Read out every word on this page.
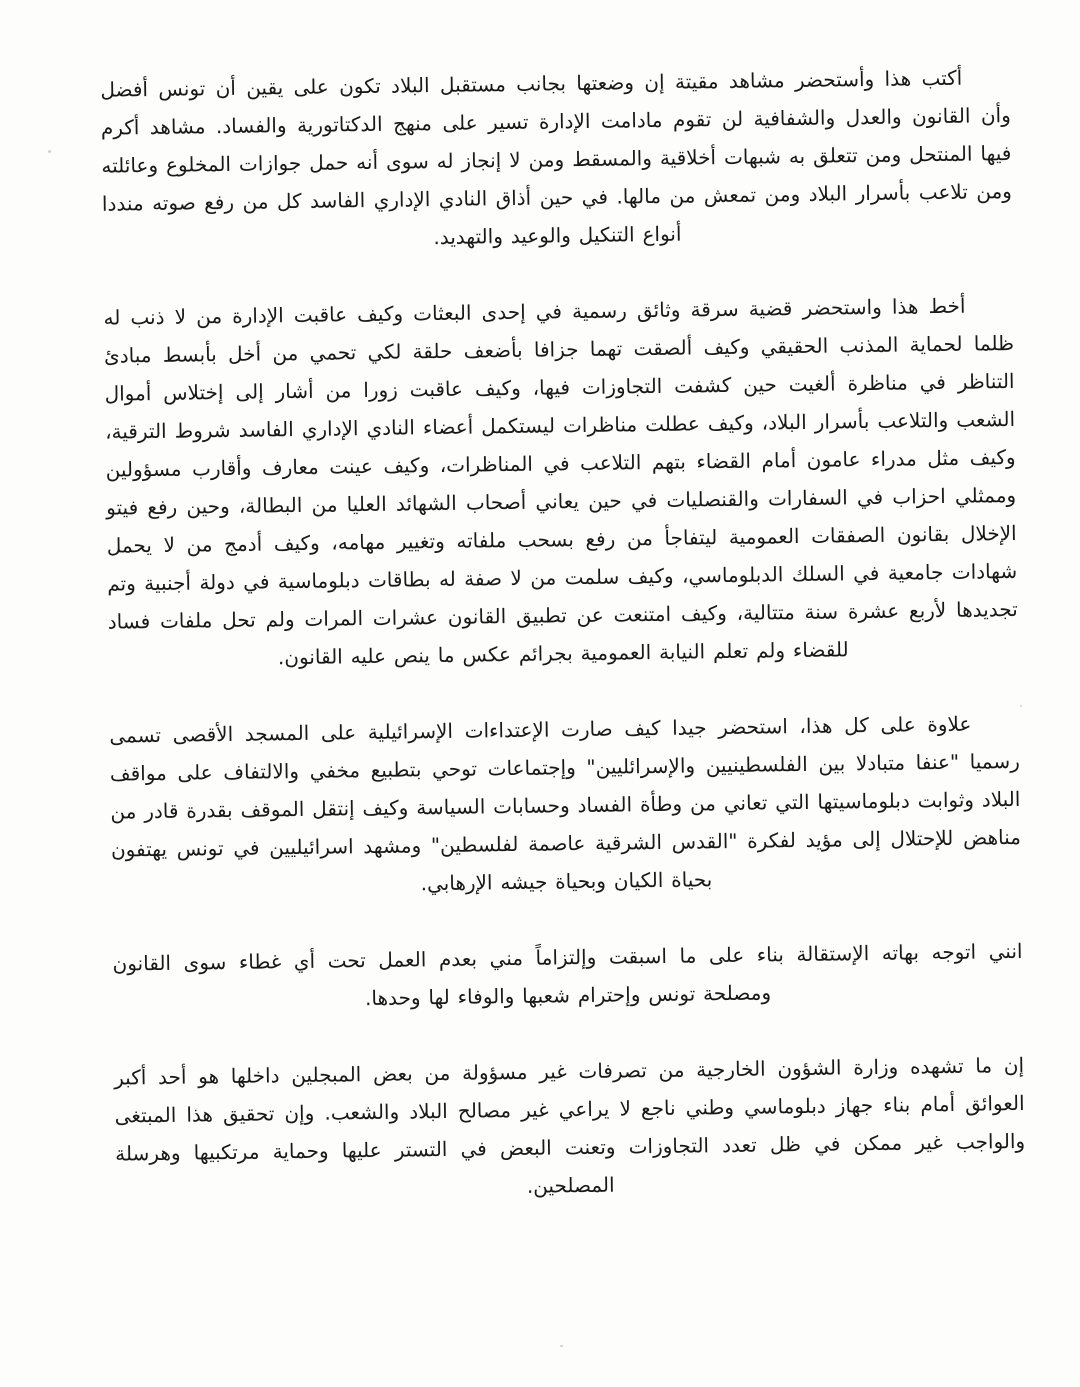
أكتب هذا وأستحضر مشاهد مقيتة إن وضعتها بجانب مستقبل البلاد تكون على يقين أن تونس أفضل وأن القانون والعدل والشفافية لن تقوم مادامت الإدارة تسير على منهج الدكتاتورية والفساد. مشاهد أكرم فيها المنتحل ومن تتعلق به شبهات أخلاقية والمسقط ومن لا إنجاز له سوى أنه حمل جوازات المخلوع وعائلته ومن تلاعب بأسرار البلاد ومن تمعش من مالها. في حين أذاق النادي الإداري الفاسد كل من رفع صوته منددا أنواع التنكيل والوعيد والتهديد.

أخط هذا واستحضر قضية سرقة وثائق رسمية في إحدى البعثات وكيف عاقبت الإدارة من لا ذنب له ظلما لحماية المذنب الحقيقي وكيف ألصقت تهما جزافا بأضعف حلقة لكي تحمي من أخل بأبسط مبادئ التناظر في مناظرة ألغيت حين كشفت التجاوزات فيها، وكيف عاقبت زورا من أشار إلى إختلاس أموال الشعب والتلاعب بأسرار البلاد، وكيف عطلت مناظرات ليستكمل أعضاء النادي الإداري الفاسد شروط الترقية، وكيف مثل مدراء عامون أمام القضاء بتهم التلاعب في المناظرات، وكيف عينت معارف وأقارب مسؤولين وممثلي احزاب في السفارات والقنصليات في حين يعاني أصحاب الشهائد العليا من البطالة، وحين رفع فيتو الإخلال بقانون الصفقات العمومية ليتفاجأ من رفع بسحب ملفاته وتغيير مهامه، وكيف أدمج من لا يحمل شهادات جامعية في السلك الدبلوماسي، وكيف سلمت من لا صفة له بطاقات دبلوماسية في دولة أجنبية وتم تجديدها لأربع عشرة سنة متتالية، وكيف امتنعت عن تطبيق القانون عشرات المرات ولم تحل ملفات فساد للقضاء ولم تعلم النيابة العمومية بجرائم عكس ما ينص عليه القانون.

علاوة على كل هذا، استحضر جيدا كيف صارت الإعتداءات الإسرائيلية على المسجد الأقصى تسمى رسميا "عنفا متبادلا بين الفلسطينيين والإسرائليين" وإجتماعات توحي بتطبيع مخفي والالتفاف على مواقف البلاد وثوابت دبلوماسيتها التي تعاني من وطأة الفساد وحسابات السياسة وكيف إنتقل الموقف بقدرة قادر من مناهض للإحتلال إلى مؤيد لفكرة "القدس الشرقية عاصمة لفلسطين" ومشهد اسرائيليين في تونس يهتفون بحياة الكيان وبحياة جيشه الإرهابي.

انني اتوجه بهاته الإستقالة بناء على ما اسبقت وإلتزاماً مني بعدم العمل تحت أي غطاء سوى القانون ومصلحة تونس وإحترام شعبها والوفاء لها وحدها.

إن ما تشهده وزارة الشؤون الخارجية من تصرفات غير مسؤولة من بعض المبجلين داخلها هو أحد أكبر العوائق أمام بناء جهاز دبلوماسي وطني ناجع لا يراعي غير مصالح البلاد والشعب. وإن تحقيق هذا المبتغى والواجب غير ممكن في ظل تعدد التجاوزات وتعنت البعض في التستر عليها وحماية مرتكبيها وهرسلة المصلحين.
